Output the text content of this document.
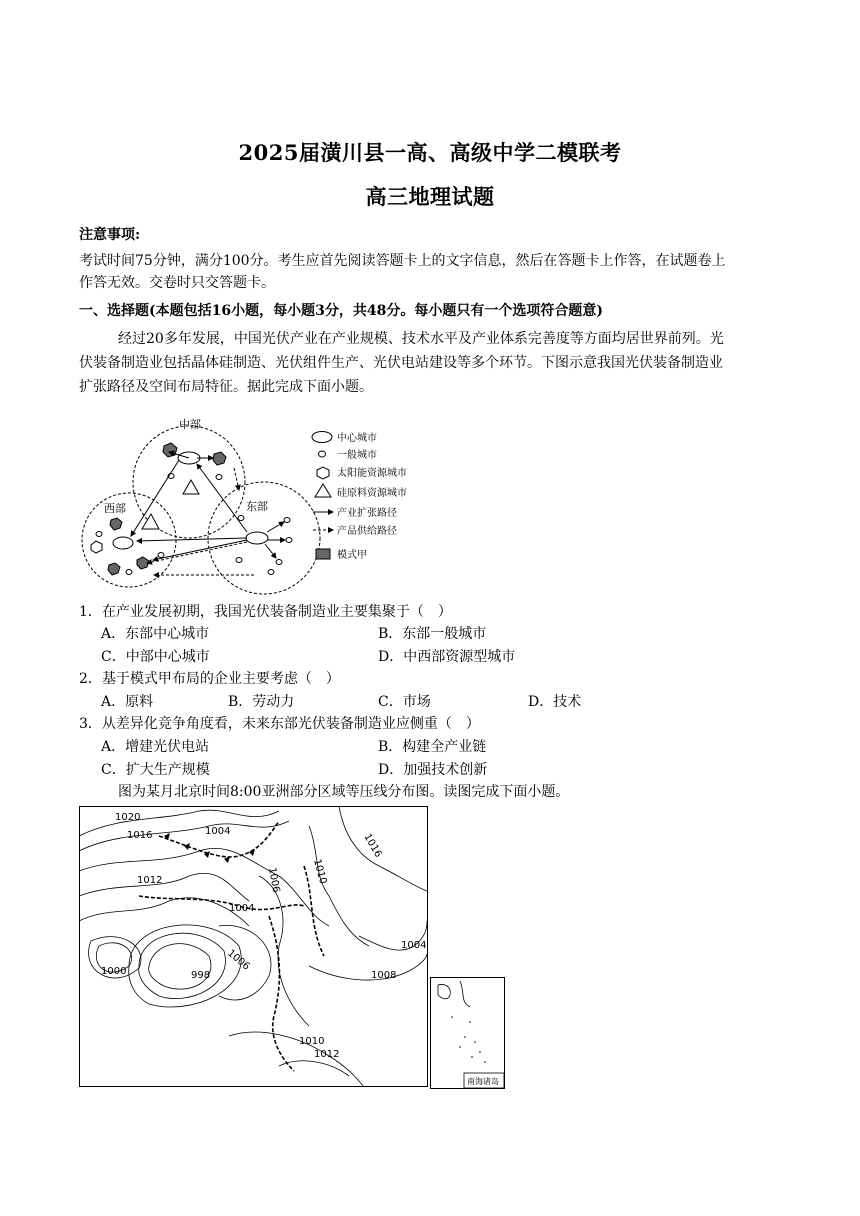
2025届潢川县一高、高级中学二模联考
高三地理试题
注意事项:
考试时间75分钟，满分100分。考生应首先阅读答题卡上的文字信息，然后在答题卡上作答，在试题卷上
作答无效。交卷时只交答题卡。
一、选择题(本题包括16小题，每小题3分，共48分。每小题只有一个选项符合题意)
经过20多年发展，中国光伏产业在产业规模、技术水平及产业体系完善度等方面均居世界前列。光
伏装备制造业包括晶体硅制造、光伏组件生产、光伏电站建设等多个环节。下图示意我国光伏装备制造业
扩张路径及空间布局特征。据此完成下面小题。
中部
西部	东部
中心城市
一般城市
太阳能资源城市
硅原料资源城市
产业扩张路径
产品供给路径
模式甲
1．在产业发展初期，我国光伏装备制造业主要集聚于（　）
A．东部中心城市	B．东部一般城市
C．中部中心城市	D．中西部资源型城市
2．基于模式甲布局的企业主要考虑（　）
A．原料	B．劳动力	C．市场	D．技术
3．从差异化竞争角度看，未来东部光伏装备制造业应侧重（　）
A．增建光伏电站	B．构建全产业链
C．扩大生产规模	D．加强技术创新
图为某月北京时间8:00亚洲部分区域等压线分布图。读图完成下面小题。
1020
1016	1004
1012	1006
1016
1010
1004
1006
1000	998
1004
1008
1010
1012
南海诸岛
